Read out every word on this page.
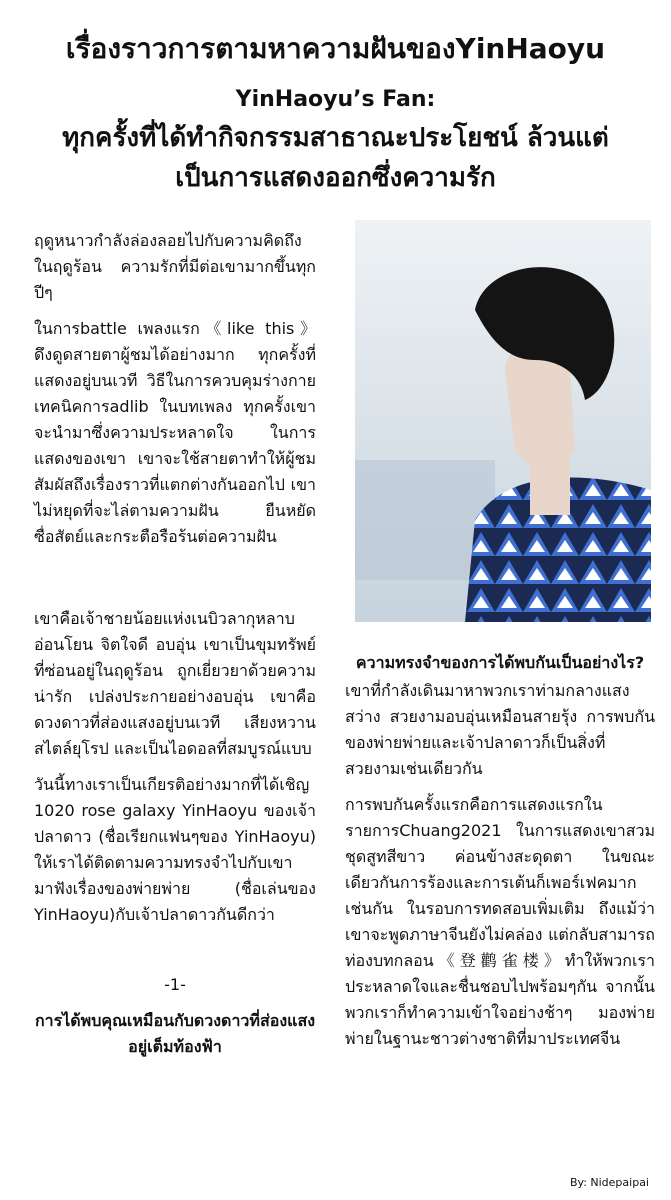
เรื่องราวการตามหาความฝันของYinHaoyu
YinHaoyu’s Fan:
ทุกครั้งที่ได้ทำกิจกรรมสาธาณะประโยชน์ ล้วนแต่
เป็นการแสดงออกซึ่งความรัก

ฤดูหนาวกำลังล่องลอยไปกับความคิดถึงในฤดูร้อน ความรักที่มีต่อเขามากขึ้นทุกปีๆ

ในการbattle เพลงแรก《like this》ดึงดูดสายตาผู้ชมได้อย่างมาก ทุกครั้งที่แสดงอยู่บนเวที วิธีในการควบคุมร่างกาย เทคนิคการadlib ในบทเพลง ทุกครั้งเขาจะนำมาซึ่งความประหลาดใจ ในการแสดงของเขา เขาจะใช้สายตาทำให้ผู้ชมสัมผัสถึงเรื่องราวที่แตกต่างกันออกไป เขาไม่หยุดที่จะไล่ตามความฝัน ยืนหยัด ซื่อสัตย์และกระตือรือร้นต่อความฝัน

เขาคือเจ้าชายน้อยแห่งเนบิวลากุหลาบ อ่อนโยน จิตใจดี อบอุ่น เขาเป็นขุมทรัพย์ที่ซ่อนอยู่ในฤดูร้อน ถูกเยี่ยวยาด้วยความน่ารัก เปล่งประกายอย่างอบอุ่น เขาคือดวงดาวที่ส่องแสงอยู่บนเวที เสียงหวานสไตล์ยุโรป และเป็นไอดอลที่สมบูรณ์แบบ

วันนี้ทางเราเป็นเกียรติอย่างมากที่ได้เชิญ 1020 rose galaxy YinHaoyu ของเจ้าปลาดาว (ชื่อเรียกแฟนๆของ YinHaoyu) ให้เราได้ติดตามความทรงจำไปกับเขา มาฟังเรื่องของพ่ายพ่าย (ชื่อเล่นของ YinHaoyu)กับเจ้าปลาดาวกันดีกว่า

-1-

การได้พบคุณเหมือนกับดวงดาวที่ส่องแสงอยู่เต็มท้องฟ้า

ความทรงจำของการได้พบกันเป็นอย่างไร?

เขาที่กำลังเดินมาหาพวกเราท่ามกลางแสงสว่าง สวยงามอบอุ่นเหมือนสายรุ้ง การพบกันของพ่ายพ่ายและเจ้าปลาดาวก็เป็นสิ่งที่สวยงามเช่นเดียวกัน

การพบกันครั้งแรกคือการแสดงแรกในรายการChuang2021 ในการแสดงเขาสวมชุดสูทสีขาว ค่อนข้างสะดุดตา ในขณะเดียวกันการร้องและการเต้นก็เพอร์เฟคมากเช่นกัน ในรอบการทดสอบเพิ่มเติม ถึงแม้ว่าเขาจะพูดภาษาจีนยังไม่คล่อง แต่กลับสามารถท่องบทกลอน《登鹳雀楼》ทำให้พวกเราประหลาดใจและชื่นชอบไปพร้อมๆกัน จากนั้นพวกเราก็ทำความเข้าใจอย่างช้าๆ มองพ่ายพ่ายในฐานะชาวต่างชาติที่มาประเทศจีน

By: Nidepaipai
